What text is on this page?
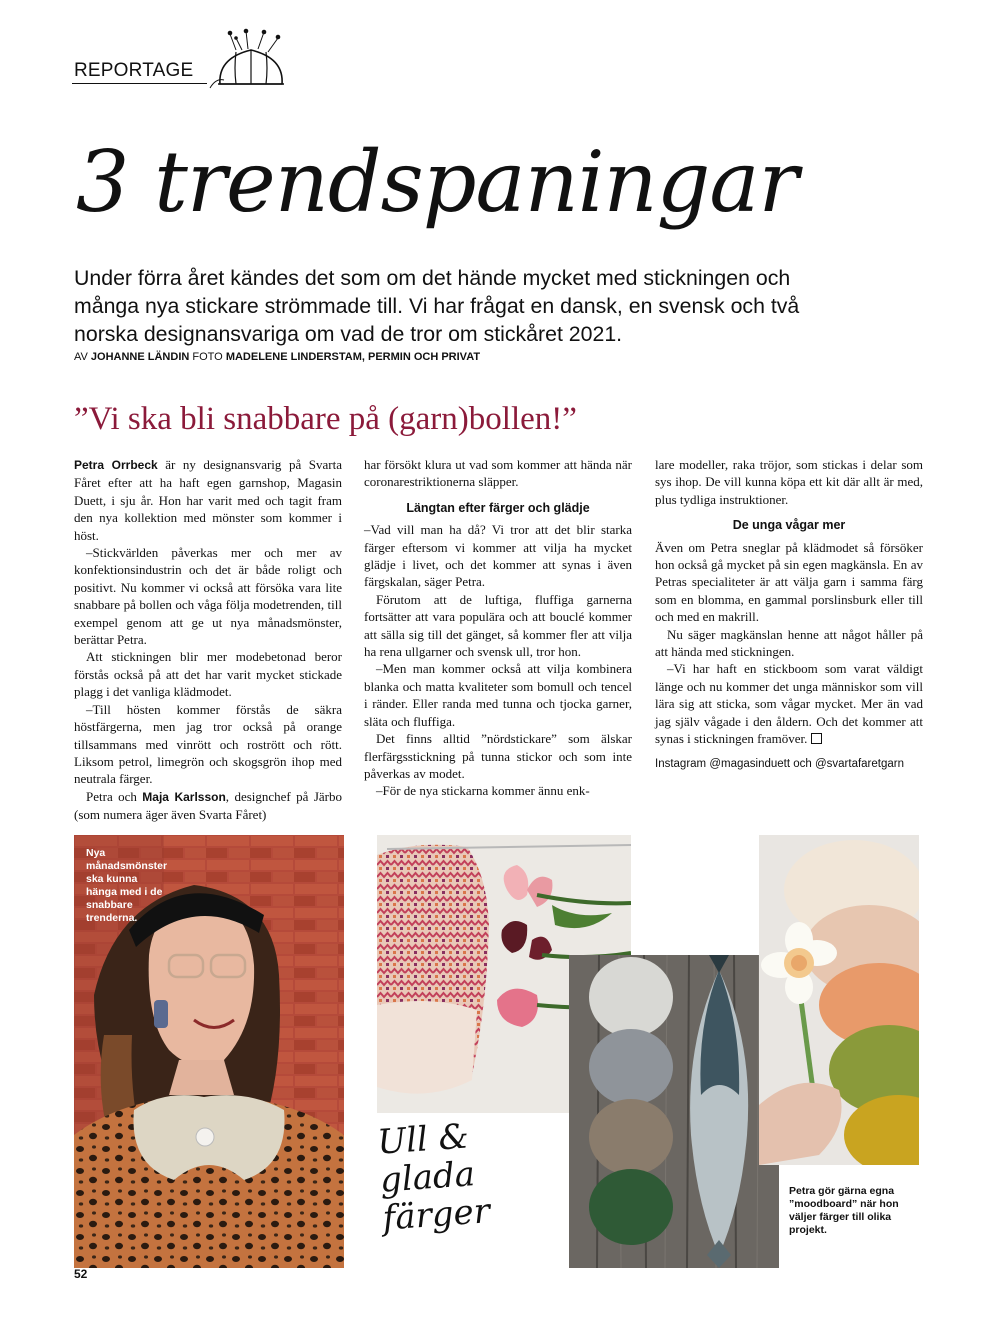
REPORTAGE
3 trendspaningar
Under förra året kändes det som om det hände mycket med stickningen och många nya stickare strömmade till. Vi har frågat en dansk, en svensk och två norska designansvariga om vad de tror om stickåret 2021.
AV JOHANNE LÄNDIN FOTO MADELENE LINDERSTAM, PERMIN OCH PRIVAT
”Vi ska bli snabbare på (garn)bollen!”

Petra Orrbeck är ny designansvarig på Svarta Fåret efter att ha haft egen garnshop, Magasin Duett, i sju år. Hon har varit med och tagit fram den nya kollektion med mönster som kommer i höst.

–Stickvärlden påverkas mer och mer av konfektionsindustrin och det är både roligt och positivt. Nu kommer vi också att försöka vara lite snabbare på bollen och våga följa modetrenden, till exempel genom att ge ut nya månadsmönster, berättar Petra.

Att stickningen blir mer modebetonad beror förstås också på att det har varit mycket stickade plagg i det vanliga klädmodet.

–Till hösten kommer förstås de säkra höstfärgerna, men jag tror också på orange tillsammans med vinrött och rostrött och rött. Liksom petrol, limegrön och skogsgrön ihop med neutrala färger.

Petra och Maja Karlsson, designchef på Järbo (som numera äger även Svarta Fåret)

har försökt klura ut vad som kommer att hända när coronarestriktionerna släpper.

Längtan efter färger och glädje

–Vad vill man ha då? Vi tror att det blir starka färger eftersom vi kommer att vilja ha mycket glädje i livet, och det kommer att synas i även färgskalan, säger Petra.

Förutom att de luftiga, fluffiga garnerna fortsätter att vara populära och att bouclé kommer att sälla sig till det gänget, så kommer fler att vilja ha rena ullgarner och svensk ull, tror hon.

–Men man kommer också att vilja kombinera blanka och matta kvaliteter som bomull och tencel i ränder. Eller randa med tunna och tjocka garner, släta och fluffiga.

Det finns alltid ”nördstickare” som älskar flerfärgsstickning på tunna stickor och som inte påverkas av modet.

–För de nya stickarna kommer ännu enk-

lare modeller, raka tröjor, som stickas i delar som sys ihop. De vill kunna köpa ett kit där allt är med, plus tydliga instruktioner.

De unga vågar mer

Även om Petra sneglar på klädmodet så försöker hon också gå mycket på sin egen magkänsla. En av Petras specialiteter är att välja garn i samma färg som en blomma, en gammal porslinsburk eller till och med en makrill.

Nu säger magkänslan henne att något håller på att hända med stickningen.

–Vi har haft en stickboom som varat väldigt länge och nu kommer det unga människor som vill lära sig att sticka, som vågar mycket. Mer än vad jag själv vågade i den åldern. Och det kommer att synas i stickningen framöver.

Instagram @magasinduett och @svartafaretgarn

Nya månadsmönster ska kunna hänga med i de snabbare trenderna.
Petra gör gärna egna ”moodboard” när hon väljer färger till olika projekt.
Ull &
glada
färger
52
